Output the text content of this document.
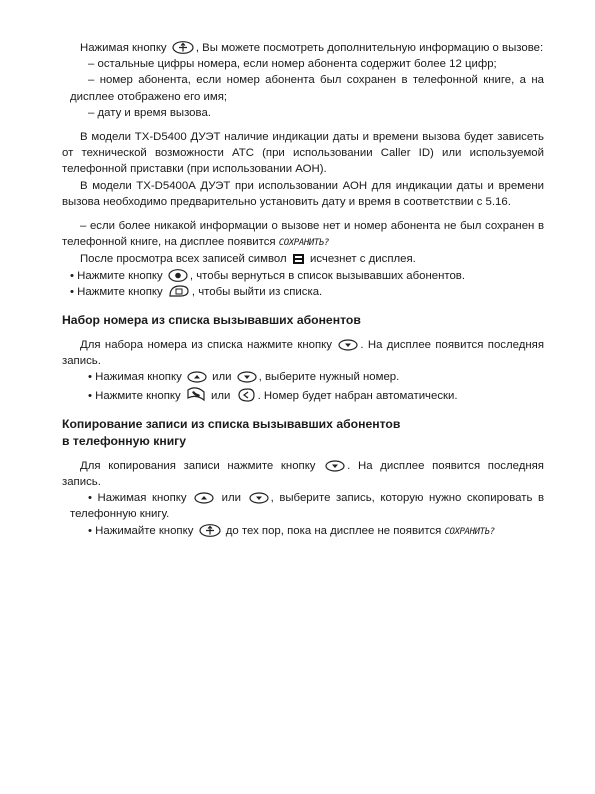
Нажимая кнопку	, Вы можете посмотреть дополнительную информацию о вызове:

– остальные цифры номера, если номер абонента содержит более 12 цифр;

– номер абонента, если номер абонента был сохранен в телефонной книге, а на дисплее отображено его имя;

– дату и время вызова.

В модели TX-D5400 ДУЭТ наличие индикации даты и времени вызова будет зависеть от технической возможности АТС (при использовании Caller ID) или используемой телефонной приставки (при использовании АОН).

В модели TX-D5400А ДУЭТ при использовании АОН для индикации даты и времени вызова необходимо предварительно установить дату и время в соответствии с 5.16.

– если более никакой информации о вызове нет и номер абонента не был сохранен в телефонной книге, на дисплее появится СОХРАНИТЬ?

После просмотра всех записей символ исчезнет с дисплея.

• Нажмите кнопку , чтобы вернуться в список вызывавших абонентов.

• Нажмите кнопку	, чтобы выйти из списка.

Набор номера из списка вызывавших абонентов

Для набора номера из списка нажмите кнопку . На дисплее появится последняя запись.

• Нажимая кнопку	или , выберите нужный номер.

• Нажмите кнопку	или . Номер будет набран автоматически.

Копирование записи из списка вызывавших абонентов
в телефонную книгу

Для копирования записи нажмите кнопку	. На дисплее появится последняя запись.

• Нажимая кнопку	или	, выберите запись, которую нужно скопировать в телефонную книгу.

• Нажимайте кнопку	до тех пор, пока на дисплее не появится СОХРАНИТЬ?
